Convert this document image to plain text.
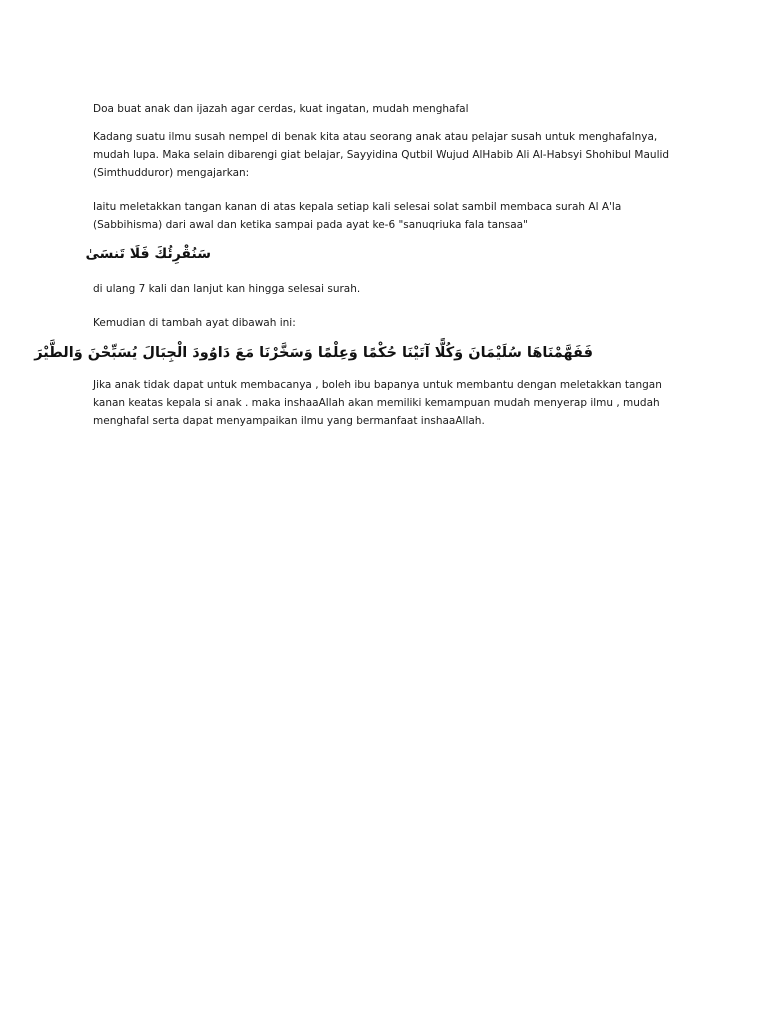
Doa buat anak dan ijazah agar cerdas, kuat ingatan, mudah menghafal

Kadang suatu ilmu susah nempel di benak kita atau seorang anak atau pelajar susah untuk menghafalnya, mudah lupa. Maka selain dibarengi giat belajar, Sayyidina Qutbil Wujud AlHabib Ali Al-Habsyi Shohibul Maulid (Simthudduror) mengajarkan:

Iaitu meletakkan tangan kanan di atas kepala setiap kali selesai solat sambil membaca surah Al A'la (Sabbihisma) dari awal dan ketika sampai pada ayat ke-6 "sanuqriuka fala tansaa"

سَنُقْرِئُكَ فَلَا تَنسَىٰ

di ulang 7 kali dan lanjut kan hingga selesai surah.

Kemudian di tambah ayat dibawah ini:

فَفَهَّمْنَاهَا سُلَيْمَانَ وَكُلًّا آتَيْنَا حُكْمًا وَعِلْمًا وَسَخَّرْنَا مَعَ دَاوُودَ الْجِبَالَ يُسَبِّحْنَ وَالطَّيْرَ

Jika anak tidak dapat untuk membacanya , boleh ibu bapanya untuk membantu dengan meletakkan tangan kanan keatas kepala si anak . maka inshaaAllah akan memiliki kemampuan mudah menyerap ilmu , mudah menghafal serta dapat menyampaikan ilmu yang bermanfaat inshaaAllah.
